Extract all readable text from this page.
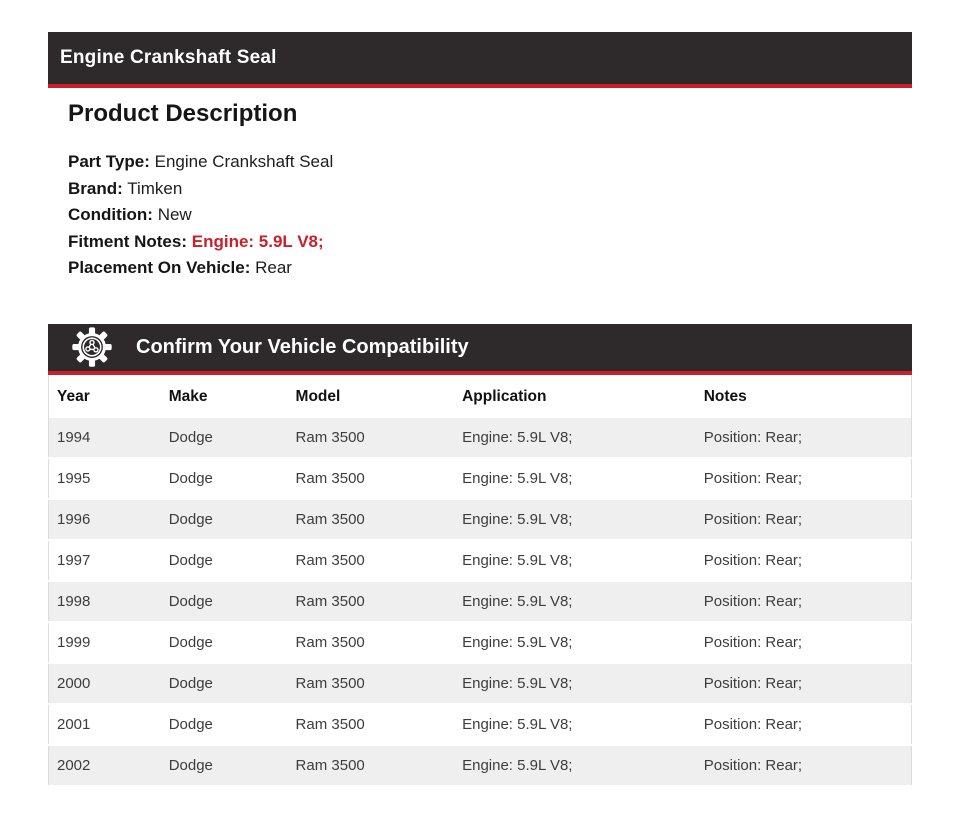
Engine Crankshaft Seal
Product Description
Part Type: Engine Crankshaft Seal
Brand: Timken
Condition: New
Fitment Notes: Engine: 5.9L V8;
Placement On Vehicle: Rear
Confirm Your Vehicle Compatibility
Year	Make	Model	Application	Notes
1994	Dodge	Ram 3500	Engine: 5.9L V8;	Position: Rear;
1995	Dodge	Ram 3500	Engine: 5.9L V8;	Position: Rear;
1996	Dodge	Ram 3500	Engine: 5.9L V8;	Position: Rear;
1997	Dodge	Ram 3500	Engine: 5.9L V8;	Position: Rear;
1998	Dodge	Ram 3500	Engine: 5.9L V8;	Position: Rear;
1999	Dodge	Ram 3500	Engine: 5.9L V8;	Position: Rear;
2000	Dodge	Ram 3500	Engine: 5.9L V8;	Position: Rear;
2001	Dodge	Ram 3500	Engine: 5.9L V8;	Position: Rear;
2002	Dodge	Ram 3500	Engine: 5.9L V8;	Position: Rear;
